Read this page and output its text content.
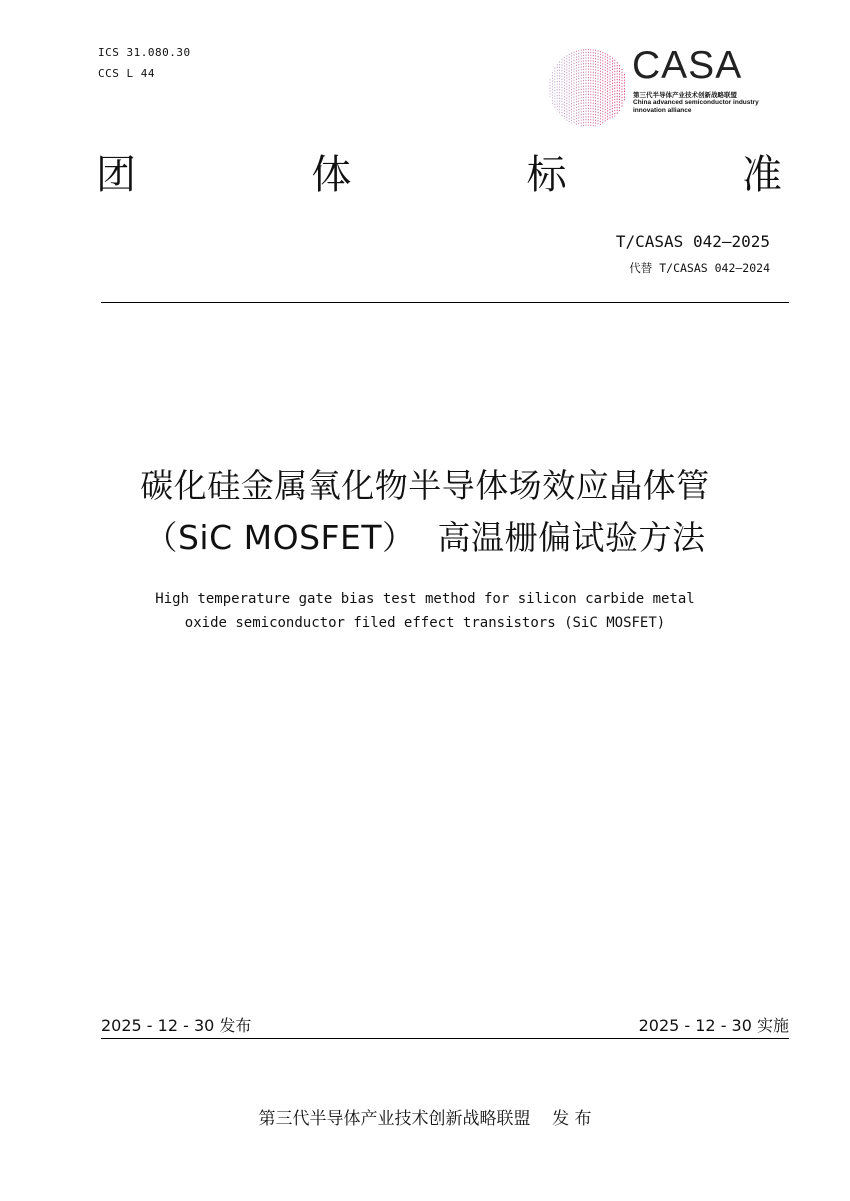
ICS 31.080.30
CCS L 44	CASA
第三代半导体产业技术创新战略联盟
China advanced semiconductor industry innovation alliance
团	体	标	准
T/CASAS 042—2025
代替 T/CASAS 042—2024
碳化硅金属氧化物半导体场效应晶体管
（SiC MOSFET）  高温栅偏试验方法
High temperature gate bias test method for silicon carbide metal
oxide semiconductor filed effect transistors (SiC MOSFET)
2025 - 12 - 30 发布	2025 - 12 - 30 实施
第三代半导体产业技术创新战略联盟    发 布
